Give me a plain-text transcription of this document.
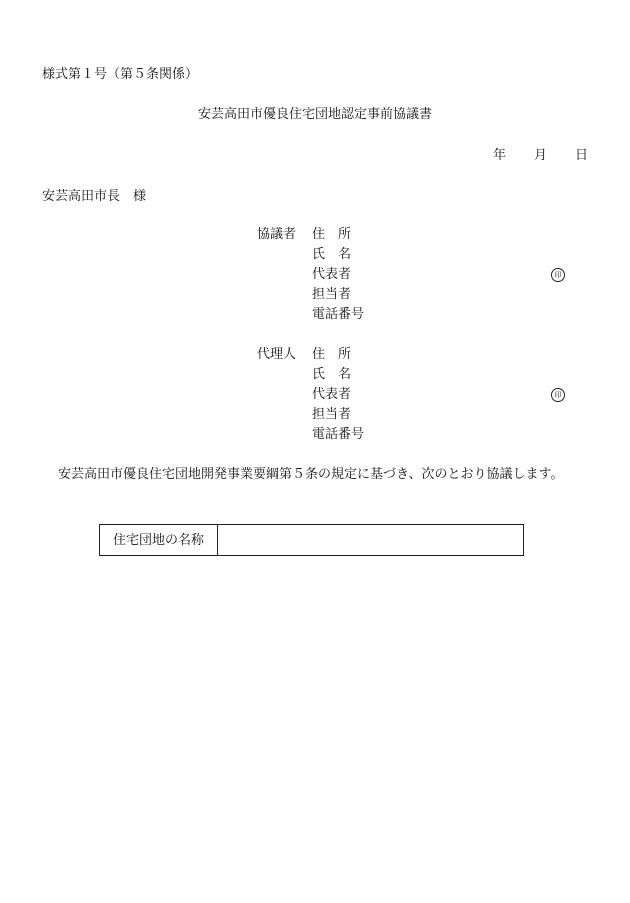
様式第１号（第５条関係）
安芸高田市優良住宅団地認定事前協議書
年 月 日
安芸高田市長　様
協議者 住　所
氏　名
代表者	印
担当者
電話番号
代理人 住　所
氏　名
代表者	印
担当者
電話番号
安芸高田市優良住宅団地開発事業要綱第５条の規定に基づき、次のとおり協議します。
住宅団地の名称
